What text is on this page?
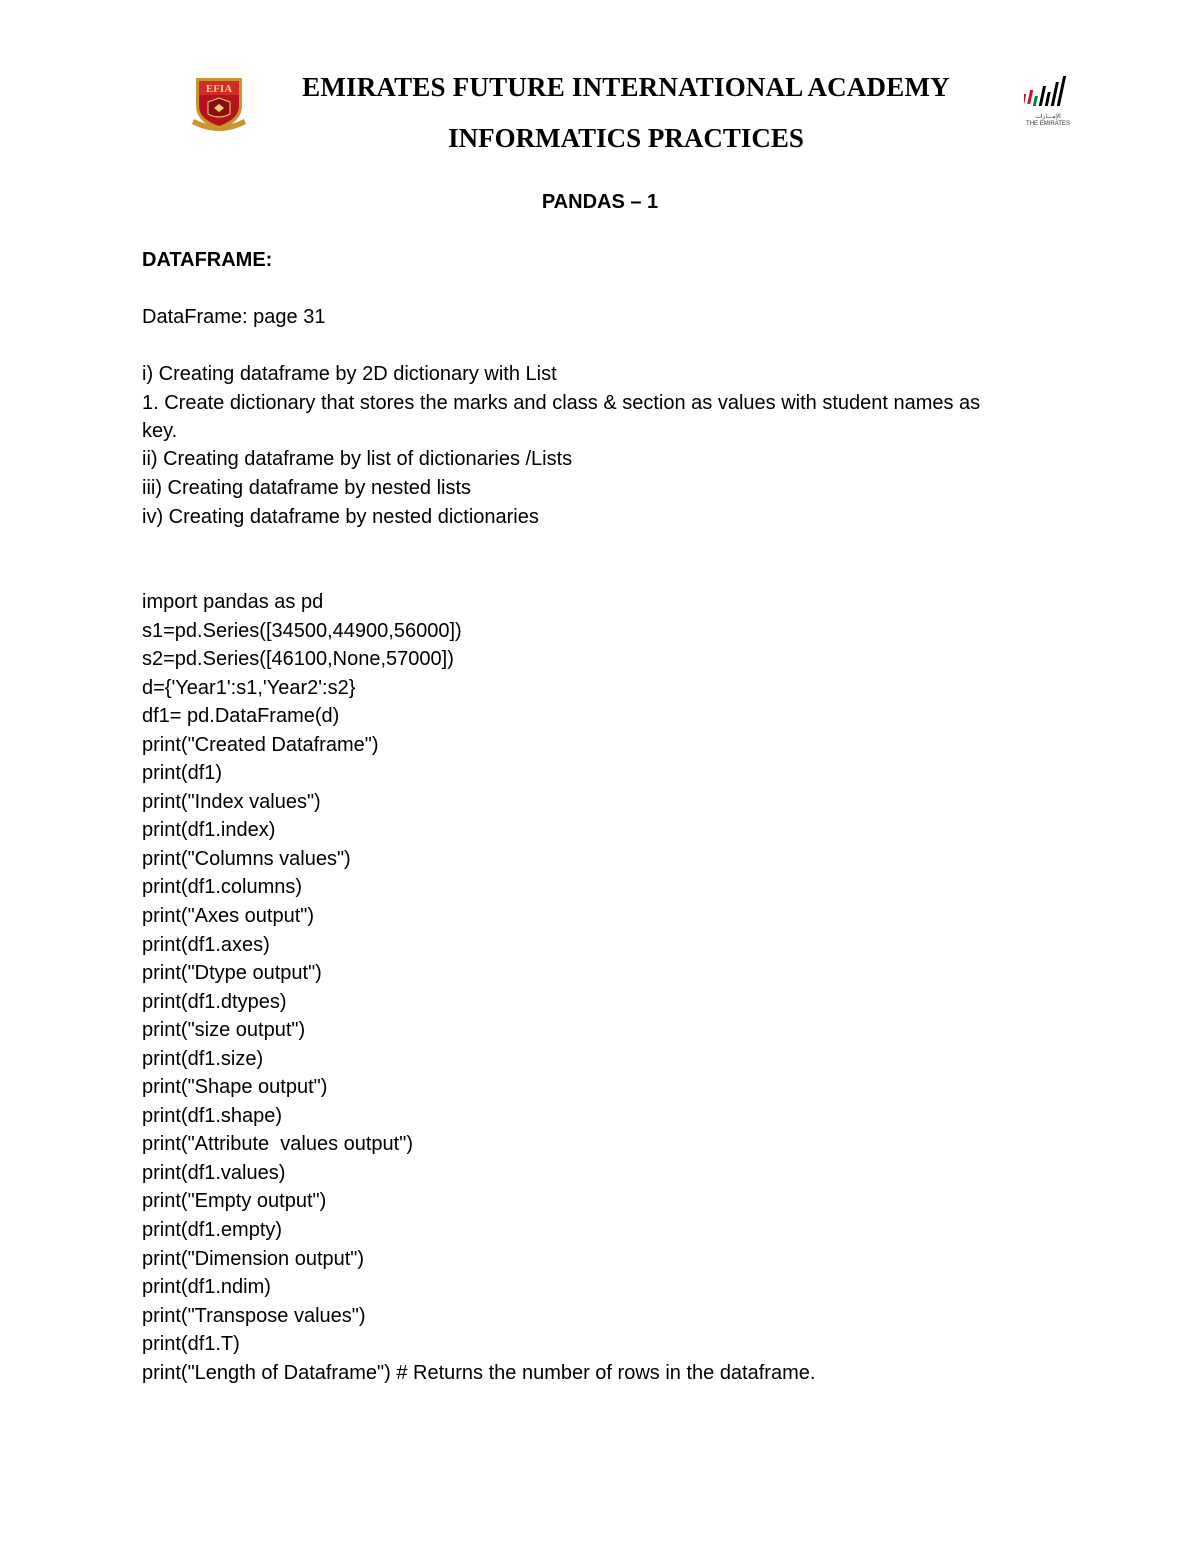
EFIA
الإمـــارات
THE EMIRATES
EMIRATES FUTURE INTERNATIONAL ACADEMY
INFORMATICS PRACTICES
PANDAS – 1
DATAFRAME:
DataFrame: page 31
i) Creating dataframe by 2D dictionary with List
1. Create dictionary that stores the marks and class & section as values with student names as
key.
ii) Creating dataframe by list of dictionaries /Lists
iii) Creating dataframe by nested lists
iv) Creating dataframe by nested dictionaries
import pandas as pd
s1=pd.Series([34500,44900,56000])
s2=pd.Series([46100,None,57000])
d={'Year1':s1,'Year2':s2}
df1= pd.DataFrame(d)
print("Created Dataframe")
print(df1)
print("Index values")
print(df1.index)
print("Columns values")
print(df1.columns)
print("Axes output")
print(df1.axes)
print("Dtype output")
print(df1.dtypes)
print("size output")
print(df1.size)
print("Shape output")
print(df1.shape)
print("Attribute  values output")
print(df1.values)
print("Empty output")
print(df1.empty)
print("Dimension output")
print(df1.ndim)
print("Transpose values")
print(df1.T)
print("Length of Dataframe") # Returns the number of rows in the dataframe.
